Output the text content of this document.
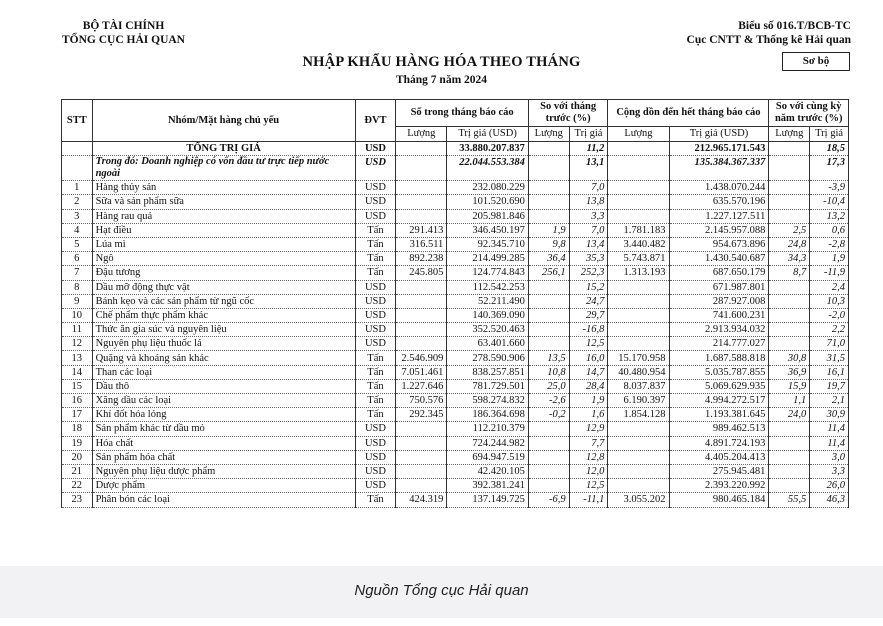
BỘ TÀI CHÍNH
TỔNG CỤC HẢI QUAN
Biểu số 016.T/BCB-TC
Cục CNTT & Thống kê Hải quan
NHẬP KHẨU HÀNG HÓA THEO THÁNG
Tháng 7 năm 2024
Sơ bộ
STT	Nhóm/Mặt hàng chủ yếu	ĐVT	Số trong tháng báo cáo		So với tháng trước (%)		Cộng dồn đến hết tháng báo cáo		So với cùng kỳ năm trước (%)	
			Lượng	Trị giá (USD)	Lượng	Trị giá	Lượng	Trị giá (USD)	Lượng	Trị giá
	TỔNG TRỊ GIÁ	USD		33.880.207.837		11,2		212.965.171.543		18,5
	Trong đó: Doanh nghiệp có vốn đầu tư trực tiếp nước ngoài	USD		22.044.553.384		13,1		135.384.367.337		17,3
1	Hàng thủy sản	USD		232.080.229		7,0		1.438.070.244		-3,9
2	Sữa và sản phẩm sữa	USD		101.520.690		13,8		635.570.196		-10,4
3	Hàng rau quả	USD		205.981.846		3,3		1.227.127.511		13,2
4	Hạt điều	Tấn	291.413	346.450.197	1,9	7,0	1.781.183	2.145.957.088	2,5	0,6
5	Lúa mì	Tấn	316.511	92.345.710	9,8	13,4	3.440.482	954.673.896	24,8	-2,8
6	Ngô	Tấn	892.238	214.499.285	36,4	35,3	5.743.871	1.430.540.687	34,3	1,9
7	Đậu tương	Tấn	245.805	124.774.843	256,1	252,3	1.313.193	687.650.179	8,7	-11,9
8	Dầu mỡ động thực vật	USD		112.542.253		15,2		671.987.801		2,4
9	Bánh kẹo và các sản phẩm từ ngũ cốc	USD		52.211.490		24,7		287.927.008		10,3
10	Chế phẩm thực phẩm khác	USD		140.369.090		29,7		741.600.231		-2,0
11	Thức ăn gia súc và nguyên liệu	USD		352.520.463		-16,8		2.913.934.032		2,2
12	Nguyên phụ liệu thuốc lá	USD		63.401.660		12,5		214.777.027		71,0
13	Quặng và khoáng sản khác	Tấn	2.546.909	278.590.906	13,5	16,0	15.170.958	1.687.588.818	30,8	31,5
14	Than các loại	Tấn	7.051.461	838.257.851	10,8	14,7	40.480.954	5.035.787.855	36,9	16,1
15	Dầu thô	Tấn	1.227.646	781.729.501	25,0	28,4	8.037.837	5.069.629.935	15,9	19,7
16	Xăng dầu các loại	Tấn	750.576	598.274.832	-2,6	1,9	6.190.397	4.994.272.517	1,1	2,1
17	Khí đốt hóa lỏng	Tấn	292.345	186.364.698	-0,2	1,6	1.854.128	1.193.381.645	24,0	30,9
18	Sản phẩm khác từ dầu mỏ	USD		112.210.379		12,9		989.462.513		11,4
19	Hóa chất	USD		724.244.982		7,7		4.891.724.193		11,4
20	Sản phẩm hóa chất	USD		694.947.519		12,8		4.405.204.413		3,0
21	Nguyên phụ liệu dược phẩm	USD		42.420.105		12,0		275.945.481		3,3
22	Dược phẩm	USD		392.381.241		12,5		2.393.220.992		26,0
23	Phân bón các loại	Tấn	424.319	137.149.725	-6,9	-11,1	3.055.202	980.465.184	55,5	46,3
Nguồn Tổng cục Hải quan
